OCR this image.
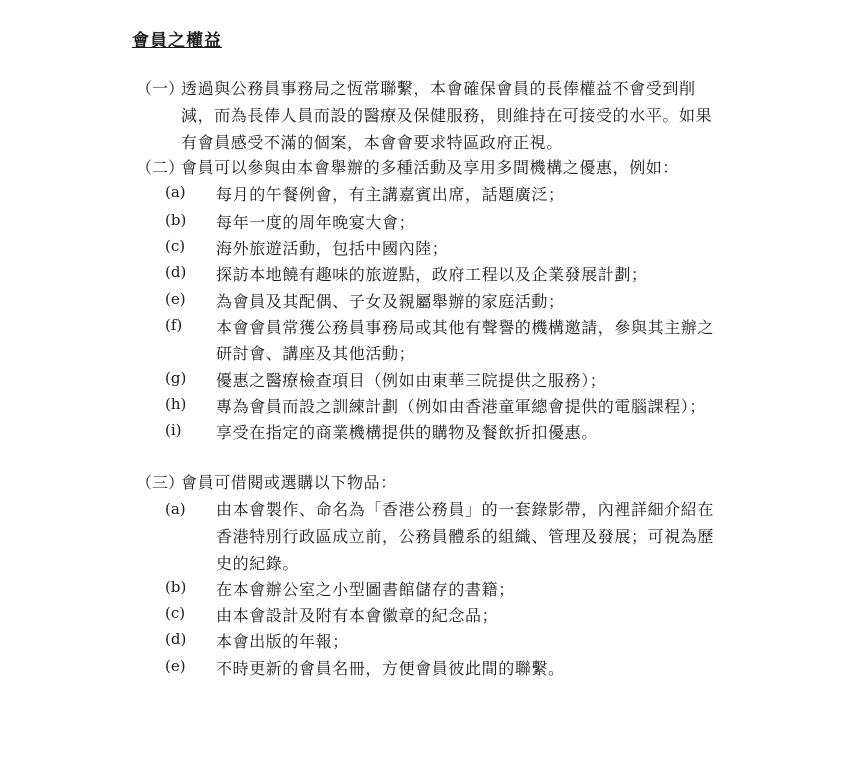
會員之權益
（一）
透過與公務員事務局之恆常聯繫，本會確保會員的長俸權益不會受到削
減，而為長俸人員而設的醫療及保健服務，則維持在可接受的水平。如果
有會員感受不滿的個案，本會會要求特區政府正視。
（二）
會員可以參與由本會舉辦的多種活動及享用多間機構之優惠，例如：
(a) 每月的午餐例會，有主講嘉賓出席，話題廣泛；
(b) 每年一度的周年晚宴大會；
(c) 海外旅遊活動，包括中國內陸；
(d) 探訪本地饒有趣味的旅遊點，政府工程以及企業發展計劃；
(e) 為會員及其配偶、子女及親屬舉辦的家庭活動；
(f) 本會會員常獲公務員事務局或其他有聲譽的機構邀請，參與其主辦之
研討會、講座及其他活動；
(g) 優惠之醫療檢查項目（例如由東華三院提供之服務）；
(h) 專為會員而設之訓練計劃（例如由香港童軍總會提供的電腦課程）；
(i) 享受在指定的商業機構提供的購物及餐飲折扣優惠。
（三）
會員可借閱或選購以下物品：
(a) 由本會製作、命名為「香港公務員」的一套錄影帶，內裡詳細介紹在
香港特別行政區成立前，公務員體系的組織、管理及發展；可視為歷
史的紀錄。
(b) 在本會辦公室之小型圖書館儲存的書籍；
(c) 由本會設計及附有本會徽章的紀念品；
(d) 本會出版的年報；
(e) 不時更新的會員名冊，方便會員彼此間的聯繫。
